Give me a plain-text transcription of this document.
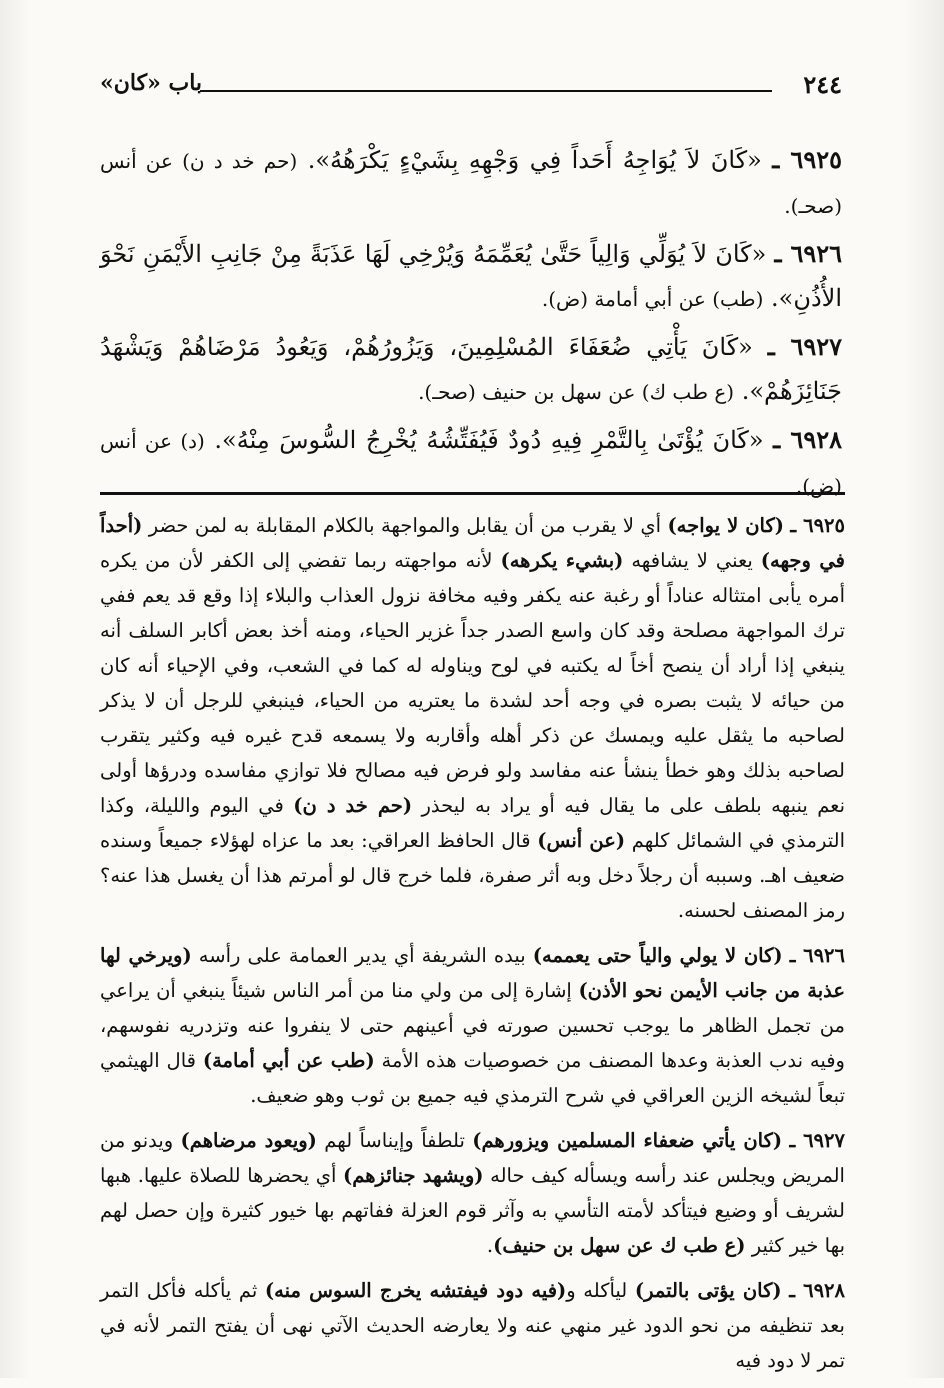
٢٤٤
باب «كان»

٦٩٢٥ ـ «كَانَ لاَ يُوَاجِهُ أَحَداً فِي وَجْهِهِ بِشَيْءٍ يَكْرَهُهُ». (حم خد د ن) عن أنس (صحـ).

٦٩٢٦ ـ «كَانَ لاَ يُوَلِّي وَالِياً حَتَّىٰ يُعَمِّمَهُ وَيُرْخِي لَهَا عَذَبَةً مِنْ جَانِبِ الأَيْمَنِ نَحْوَ الأُذُنِ». (طب) عن أبي أمامة (ض).

٦٩٢٧ ـ «كَانَ يَأْتِي ضُعَفَاءَ المُسْلِمِينَ، وَيَزُورُهُمْ، وَيَعُودُ مَرْضَاهُمْ وَيَشْهَدُ جَنَائِزَهُمْ». (ع طب ك) عن سهل بن حنيف (صحـ).

٦٩٢٨ ـ «كَانَ يُؤْتَىٰ بِالتَّمْرِ فِيهِ دُودٌ فَيُفَتِّشُهُ يُخْرِجُ السُّوسَ مِنْهُ». (د) عن أنس (ض).

٦٩٢٥ ـ (كان لا يواجه) أي لا يقرب من أن يقابل والمواجهة بالكلام المقابلة به لمن حضر (أحداً في وجهه) يعني لا يشافهه (بشيء يكرهه) لأنه مواجهته ربما تفضي إلى الكفر لأن من يكره أمره يأبى امتثاله عناداً أو رغبة عنه يكفر وفيه مخافة نزول العذاب والبلاء إذا وقع قد يعم ففي ترك المواجهة مصلحة وقد كان واسع الصدر جداً غزير الحياء، ومنه أخذ بعض أكابر السلف أنه ينبغي إذا أراد أن ينصح أخاً له يكتبه في لوح ويناوله له كما في الشعب، وفي الإحياء أنه كان من حيائه لا يثبت بصره في وجه أحد لشدة ما يعتريه من الحياء، فينبغي للرجل أن لا يذكر لصاحبه ما يثقل عليه ويمسك عن ذكر أهله وأقاربه ولا يسمعه قدح غيره فيه وكثير يتقرب لصاحبه بذلك وهو خطأ ينشأ عنه مفاسد ولو فرض فيه مصالح فلا توازي مفاسده ودرؤها أولى نعم ينبهه بلطف على ما يقال فيه أو يراد به ليحذر (حم خد د ن) في اليوم والليلة، وكذا الترمذي في الشمائل كلهم (عن أنس) قال الحافظ العراقي: بعد ما عزاه لهؤلاء جميعاً وسنده ضعيف اهـ. وسببه أن رجلاً دخل وبه أثر صفرة، فلما خرج قال لو أمرتم هذا أن يغسل هذا عنه؟ رمز المصنف لحسنه.

٦٩٢٦ ـ (كان لا يولي والياً حتى يعممه) بيده الشريفة أي يدير العمامة على رأسه (ويرخي لها عذبة من جانب الأيمن نحو الأذن) إشارة إلى من ولي منا من أمر الناس شيئاً ينبغي أن يراعي من تجمل الظاهر ما يوجب تحسين صورته في أعينهم حتى لا ينفروا عنه وتزدريه نفوسهم، وفيه ندب العذبة وعدها المصنف من خصوصيات هذه الأمة (طب عن أبي أمامة) قال الهيثمي تبعاً لشيخه الزين العراقي في شرح الترمذي فيه جميع بن ثوب وهو ضعيف.

٦٩٢٧ ـ (كان يأتي ضعفاء المسلمين ويزورهم) تلطفاً وإيناساً لهم (ويعود مرضاهم) ويدنو من المريض ويجلس عند رأسه ويسأله كيف حاله (ويشهد جنائزهم) أي يحضرها للصلاة عليها. هبها لشريف أو وضيع فيتأكد لأمته التأسي به وآثر قوم العزلة ففاتهم بها خيور كثيرة وإن حصل لهم بها خير كثير (ع طب ك عن سهل بن حنيف).

٦٩٢٨ ـ (كان يؤتى بالتمر) ليأكله و(فيه دود فيفتشه يخرج السوس منه) ثم يأكله فأكل التمر بعد تنظيفه من نحو الدود غير منهي عنه ولا يعارضه الحديث الآتي نهى أن يفتح التمر لأنه في تمر لا دود فيه
